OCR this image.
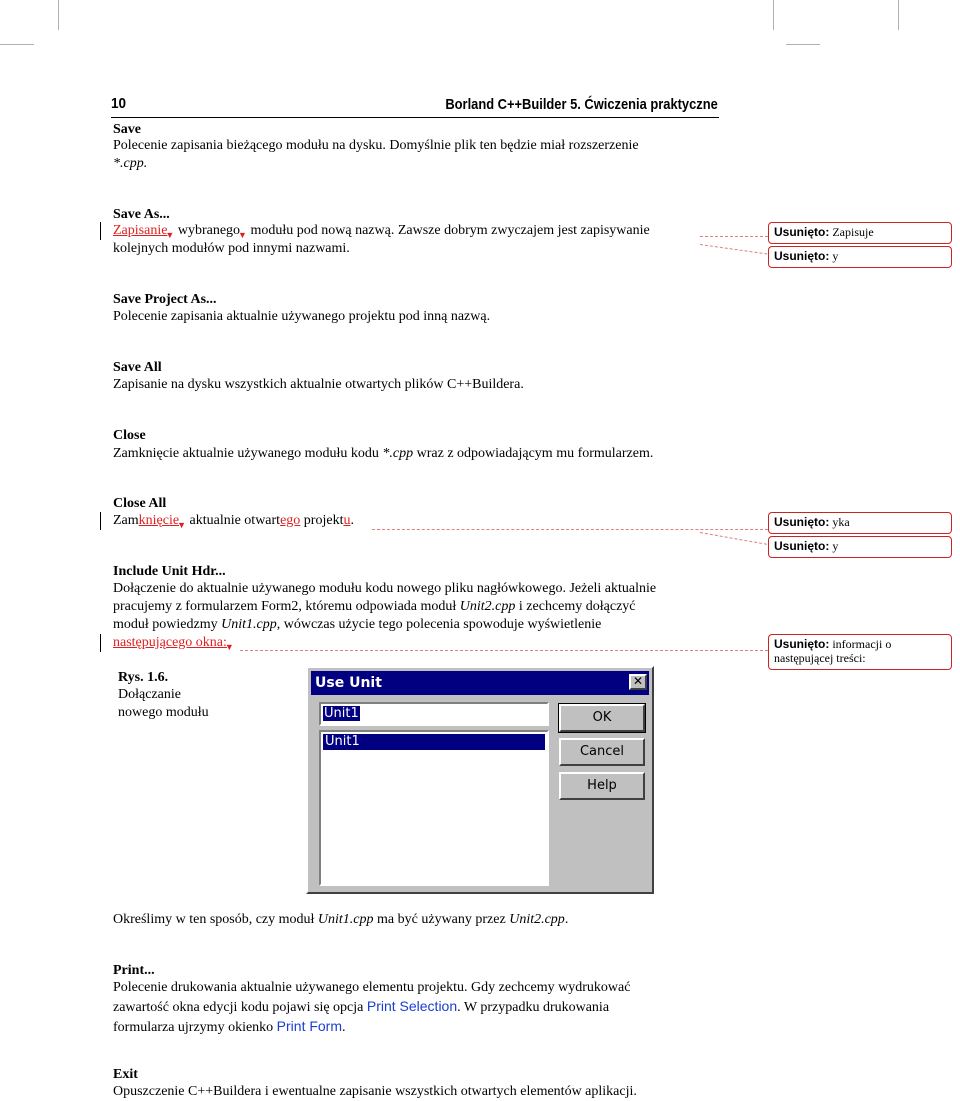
10	Borland C++Builder 5. Ćwiczenia praktyczne
Save
Polecenie zapisania bieżącego modułu na dysku. Domyślnie plik ten będzie miał rozszerzenie
*.cpp.
Save As...
Zapisanie$_▼$ wybranego$_▼$ modułu pod nową nazwą. Zawsze dobrym zwyczajem jest zapisywanie
kolejnych modułów pod innymi nazwami.
Save Project As...
Polecenie zapisania aktualnie używanego projektu pod inną nazwą.
Save All
Zapisanie na dysku wszystkich aktualnie otwartych plików C++Buildera.
Close
Zamknięcie aktualnie używanego modułu kodu *.cpp wraz z odpowiadającym mu formularzem.
Close All
Zamknięcie$_▼$ aktualnie otwartego projektu.
Include Unit Hdr...
Dołączenie do aktualnie używanego modułu kodu nowego pliku nagłówkowego. Jeżeli aktualnie
pracujemy z formularzem Form2, któremu odpowiada moduł Unit2.cpp i zechcemy dołączyć
moduł powiedzmy Unit1.cpp, wówczas użycie tego polecenia spowoduje wyświetlenie
następującego $okna:_▼$
Rys. 1.6.
Dołączanie
nowego modułu
Use Unit	✕
Unit1
Unit1
OK
Cancel
Help
Określimy w ten sposób, czy moduł Unit1.cpp ma być używany przez Unit2.cpp.
Print...
Polecenie drukowania aktualnie używanego elementu projektu. Gdy zechcemy wydrukować
zawartość okna edycji kodu pojawi się opcja Print Selection. W przypadku drukowania
formularza ujrzymy okienko Print Form.
Exit
Opuszczenie C++Buildera i ewentualne zapisanie wszystkich otwartych elementów aplikacji.
Usunięto: Zapisuje
Usunięto: y
Usunięto: yka
Usunięto: y
Usunięto: informacji o następującej treści:
